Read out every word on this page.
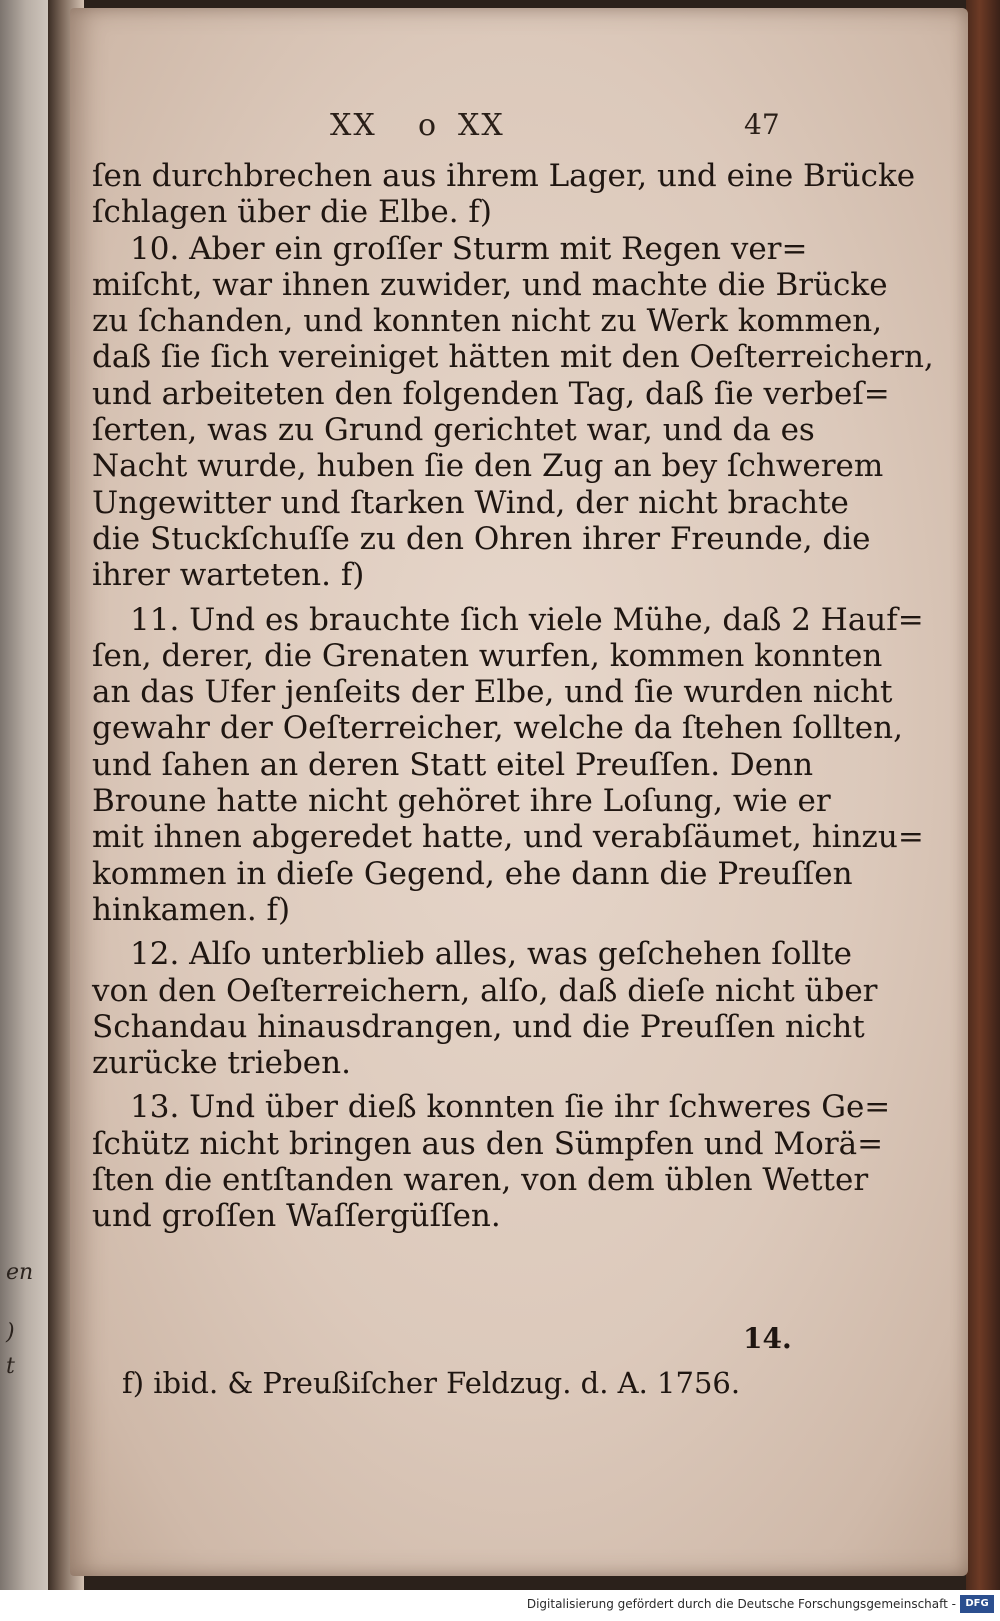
en
)
t
XX o XX	47
ſen durchbrechen aus ihrem Lager, und eine Brücke
ſchlagen über die Elbe. f)
10. Aber ein groſſer Sturm mit Regen ver=
miſcht, war ihnen zuwider, und machte die Brücke
zu ſchanden, und konnten nicht zu Werk kommen,
daß ſie ſich vereiniget hätten mit den Oeſterreichern,
und arbeiteten den folgenden Tag, daß ſie verbeſ=
ſerten, was zu Grund gerichtet war, und da es
Nacht wurde, huben ſie den Zug an bey ſchwerem
Ungewitter und ſtarken Wind, der nicht brachte
die Stuckſchuſſe zu den Ohren ihrer Freunde, die
ihrer warteten. f)
11. Und es brauchte ſich viele Mühe, daß 2 Hauf=
ſen, derer, die Grenaten wurfen, kommen konnten
an das Ufer jenſeits der Elbe, und ſie wurden nicht
gewahr der Oeſterreicher, welche da ſtehen ſollten,
und ſahen an deren Statt eitel Preuſſen. Denn
Broune hatte nicht gehöret ihre Loſung, wie er
mit ihnen abgeredet hatte, und verabſäumet, hinzu=
kommen in dieſe Gegend, ehe dann die Preuſſen
hinkamen. f)
12. Alſo unterblieb alles, was geſchehen ſollte
von den Oeſterreichern, alſo, daß dieſe nicht über
Schandau hinausdrangen, und die Preuſſen nicht
zurücke trieben.
13. Und über dieß konnten ſie ihr ſchweres Ge=
ſchütz nicht bringen aus den Sümpfen und Morä=
ſten die entſtanden waren, von dem üblen Wetter
und groſſen Waſſergüſſen.
14.
f) ibid. & Preußiſcher Feldzug. d. A. 1756.
Digitalisierung gefördert durch die Deutsche Forschungsgemeinschaft - DFG
